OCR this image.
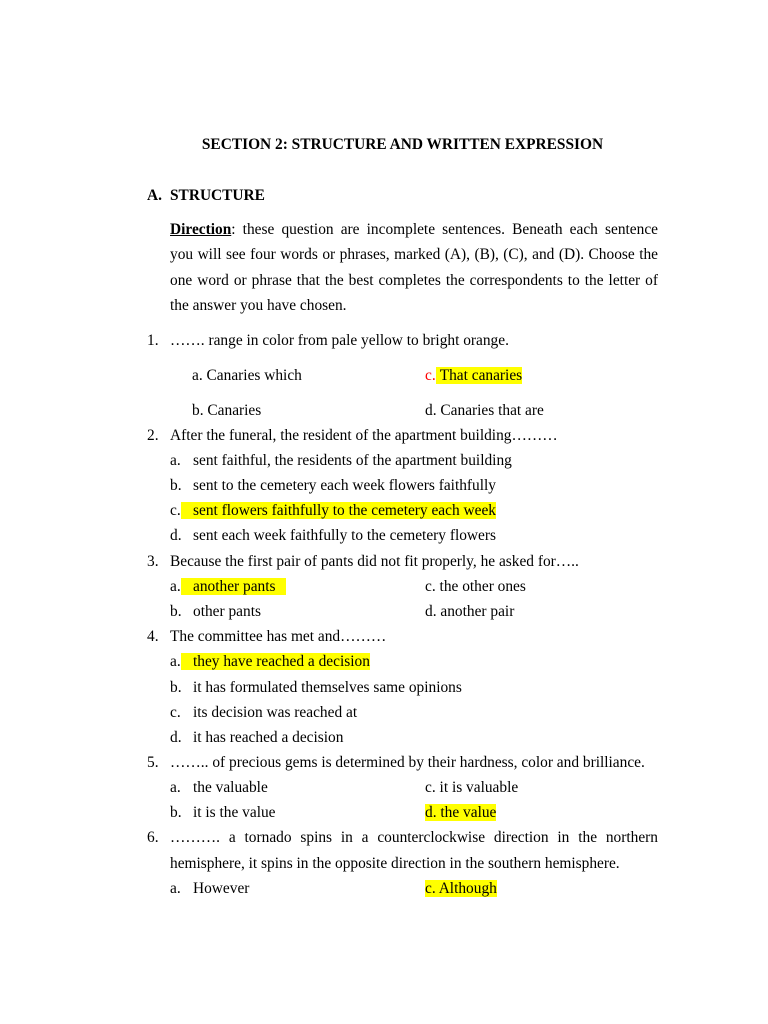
SECTION 2: STRUCTURE AND WRITTEN EXPRESSION
A. STRUCTURE
Direction: these question are incomplete sentences. Beneath each sentence
you will see four words or phrases, marked (A), (B), (C), and (D). Choose the
one word or phrase that the best completes the correspondents to the letter of
the answer you have chosen.
1. ……. range in color from pale yellow to bright orange.
a. Canaries which	c. That canaries
b. Canaries	d. Canaries that are
2. After the funeral, the resident of the apartment building………
a. sent faithful, the residents of the apartment building
b. sent to the cemetery each week flowers faithfully
c. sent flowers faithfully to the cemetery each week
d. sent each week faithfully to the cemetery flowers
3. Because the first pair of pants did not fit properly, he asked for…..
a. another pants	c. the other ones
b. other pants	d. another pair
4. The committee has met and………
a. they have reached a decision
b. it has formulated themselves same opinions
c. its decision was reached at
d. it has reached a decision
5. …….. of precious gems is determined by their hardness, color and brilliance.
a. the valuable	c. it is valuable
b. it is the value	d. the value
6. ………. a tornado spins in a counterclockwise direction in the northern
hemisphere, it spins in the opposite direction in the southern hemisphere.
a. However	c. Although
